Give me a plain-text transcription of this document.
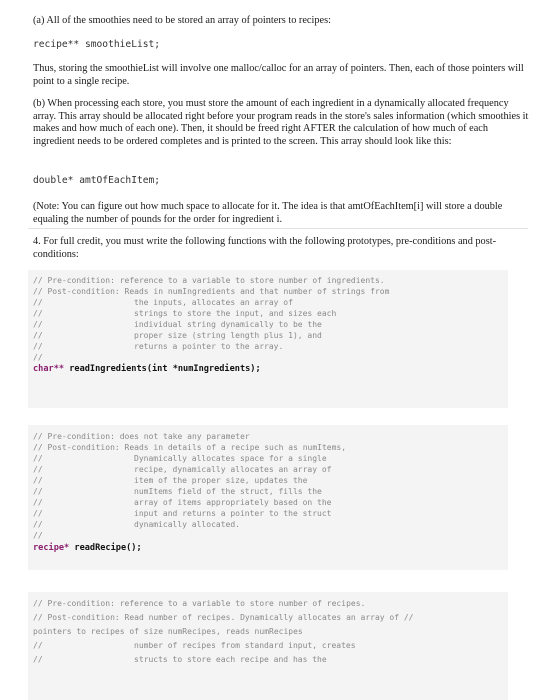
(a) All of the smoothies need to be stored an array of pointers to recipes:

recipe** smoothieList;

Thus, storing the smoothieList will involve one malloc/calloc for an array of pointers. Then, each of those pointers will point to a single recipe.

(b) When processing each store, you must store the amount of each ingredient in a dynamically allocated frequency array. This array should be allocated right before your program reads in the store's sales information (which smoothies it makes and how much of each one). Then, it should be freed right AFTER the calculation of how much of each ingredient needs to be ordered completes and is printed to the screen. This array should look like this:

double* amtOfEachItem;

(Note: You can figure out how much space to allocate for it. The idea is that amtOfEachItem[i] will store a double equaling the number of pounds for the order for ingredient i.

4. For full credit, you must write the following functions with the following prototypes, pre-conditions and post-conditions:

// Pre-condition: reference to a variable to store number of ingredients.
// Post-condition: Reads in numIngredients and that number of strings from
//	the inputs, allocates an array of
//	strings to store the input, and sizes each
//	individual string dynamically to be the
//	proper size (string length plus 1), and
//	returns a pointer to the array.
//
char** readIngredients(int *numIngredients);
// Pre-condition: does not take any parameter
// Post-condition: Reads in details of a recipe such as numItems,
//	Dynamically allocates space for a single
//	recipe, dynamically allocates an array of
//	item of the proper size, updates the
//	numItems field of the struct, fills the
//	array of items appropriately based on the
//	input and returns a pointer to the struct
//	dynamically allocated.
//
recipe* readRecipe();
// Pre-condition: reference to a variable to store number of recipes.
// Post-condition: Read number of recipes. Dynamically allocates an array of //
pointers to recipes of size numRecipes, reads numRecipes
//	number of recipes from standard input, creates
//	structs to store each recipe and has the
